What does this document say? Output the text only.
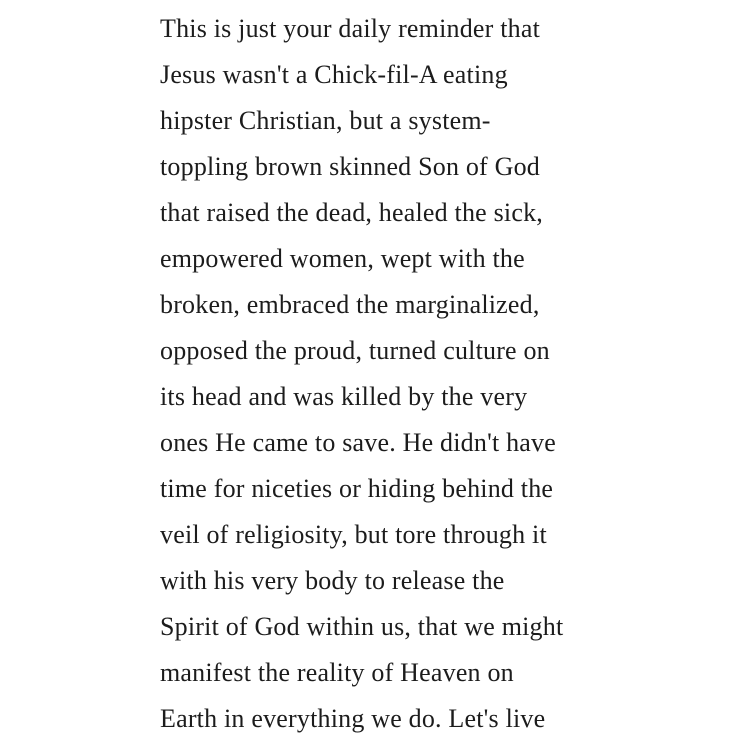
This is just your daily reminder that
Jesus wasn't a Chick-fil-A eating
hipster Christian, but a system-
toppling brown skinned Son of God
that raised the dead, healed the sick,
empowered women, wept with the
broken, embraced the marginalized,
opposed the proud, turned culture on
its head and was killed by the very
ones He came to save. He didn't have
time for niceties or hiding behind the
veil of religiosity, but tore through it
with his very body to release the
Spirit of God within us, that we might
manifest the reality of Heaven on
Earth in everything we do. Let's live
